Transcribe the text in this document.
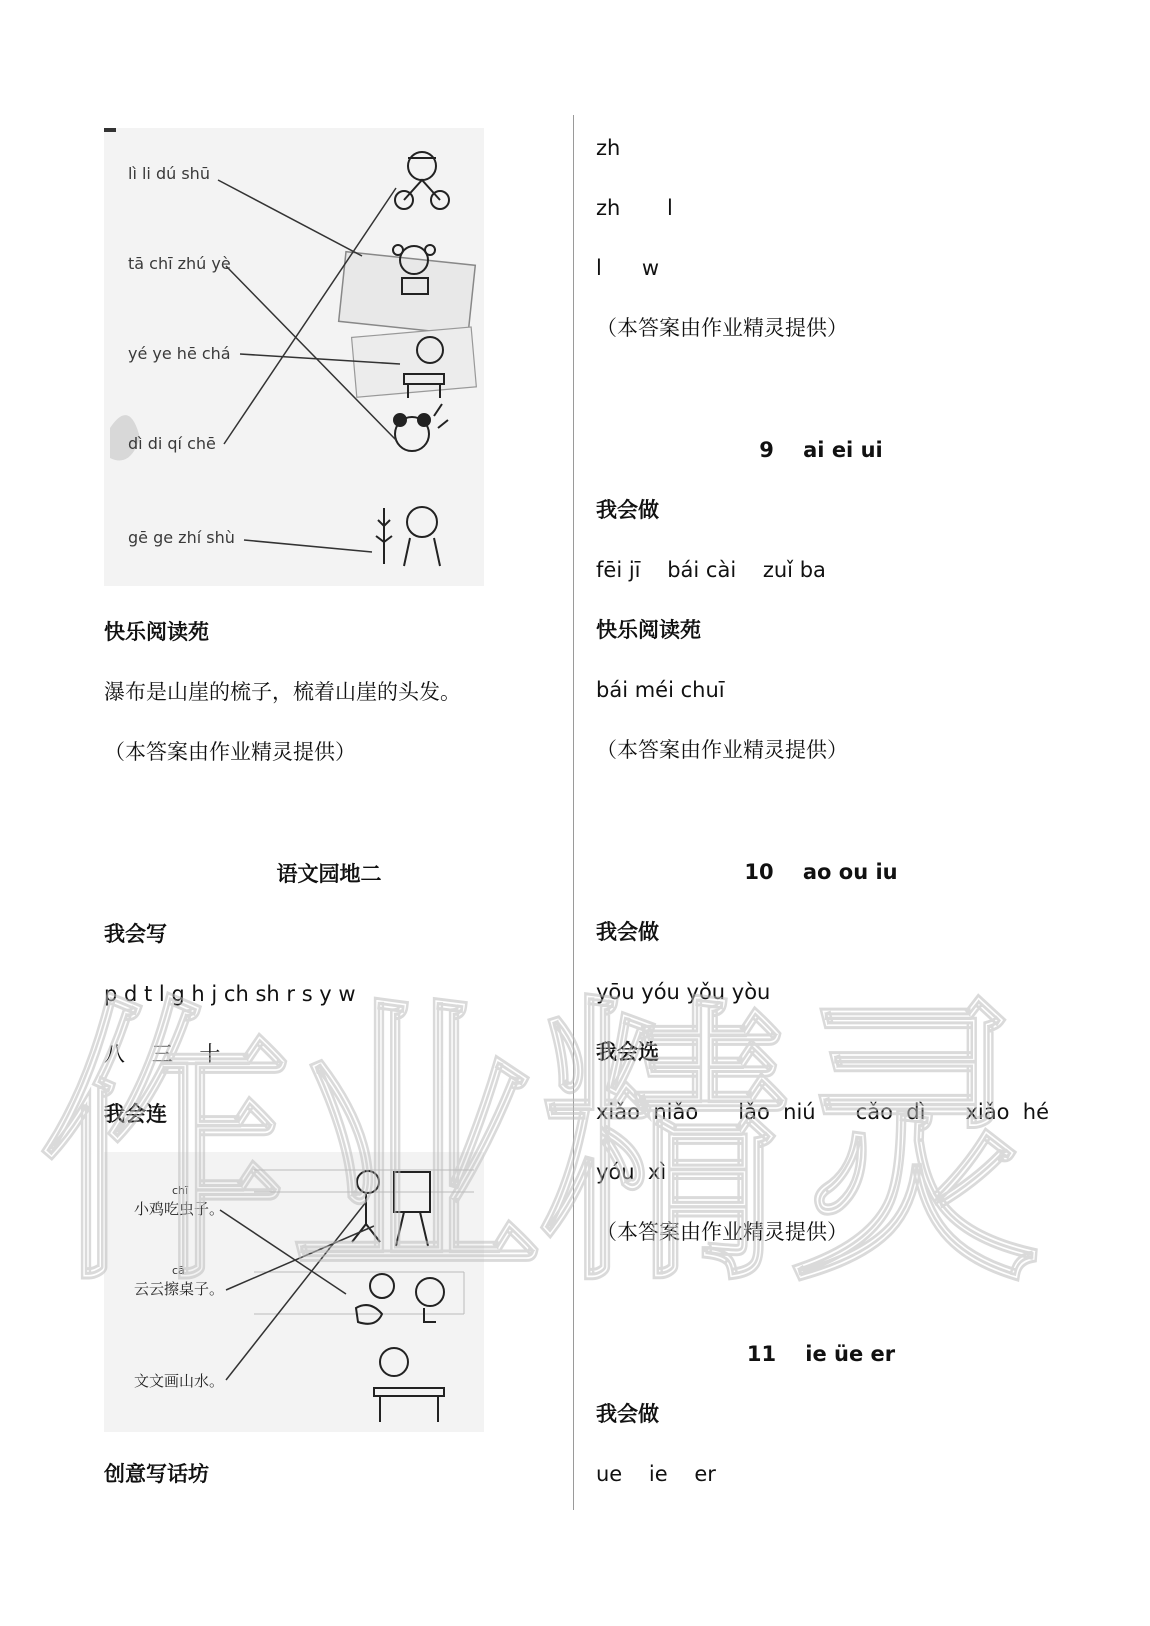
lì li dú shū
tā chī zhú yè
yé ye hē chá
dì di qí chē
gē ge zhí shù
快乐阅读苑
瀑布是山崖的梳子，梳着山崖的头发。
（本答案由作业精灵提供）
语文园地二
我会写
p d t l g h j ch sh r s y w
八    三    十
我会连
chī
小鸡吃虫子。
cā
云云擦桌子。
文文画山水。
创意写话坊
zh
zh       l
l      w
（本答案由作业精灵提供）
9    ai ei ui
我会做
fēi jī    bái cài    zuǐ ba
快乐阅读苑
bái méi chuī
（本答案由作业精灵提供）
10    ao ou iu
我会做
yōu yóu yǒu yòu
我会选
xiǎo  niǎo      lǎo  niú      cǎo  dì      xiǎo  hé
yóu  xì
（本答案由作业精灵提供）
11    ie üe er
我会做
ue    ie    er
作业精灵
